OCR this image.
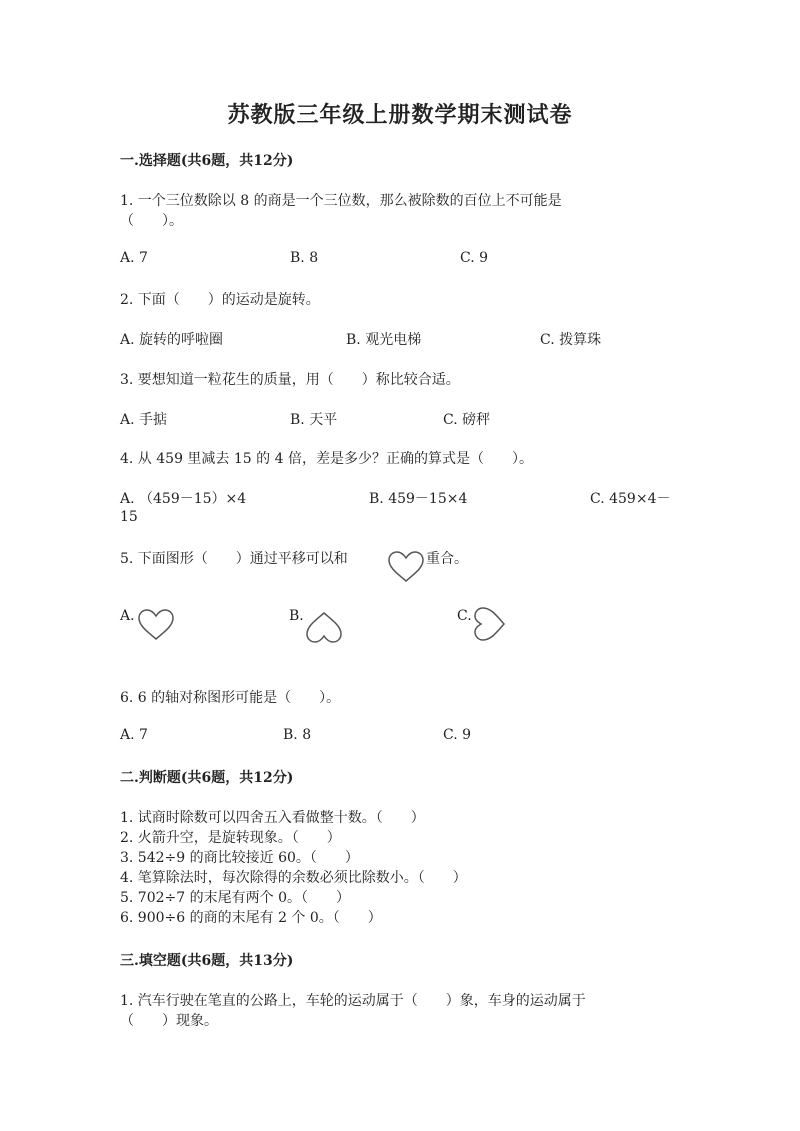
苏教版三年级上册数学期末测试卷
一.选择题(共6题，共12分)
1. 一个三位数除以 8 的商是一个三位数，那么被除数的百位上不可能是
（　　）。
A. 7	B. 8	C. 9
2. 下面（　　）的运动是旋转。
A. 旋转的呼啦圈	B. 观光电梯	C. 拨算珠
3. 要想知道一粒花生的质量，用（　　）称比较合适。
A. 手掂	B. 天平	C. 磅秤
4. 从 459 里减去 15 的 4 倍，差是多少？正确的算式是（　　）。
A. （459－15）×4	B. 459－15×4	C. 459×4－
15
5. 下面图形（　　）通过平移可以和	重合。
A.	B.	C.
6. 6 的轴对称图形可能是（　　）。
A. 7	B. 8	C. 9
二.判断题(共6题，共12分)
1. 试商时除数可以四舍五入看做整十数。（　　）
2. 火箭升空，是旋转现象。（　　）
3. 542÷9 的商比较接近 60。（　　）
4. 笔算除法时，每次除得的余数必须比除数小。（　　）
5. 702÷7 的末尾有两个 0。（　　）
6. 900÷6 的商的末尾有 2 个 0。（　　）
三.填空题(共6题，共13分)
1. 汽车行驶在笔直的公路上，车轮的运动属于（　　）象，车身的运动属于
（　　）现象。
